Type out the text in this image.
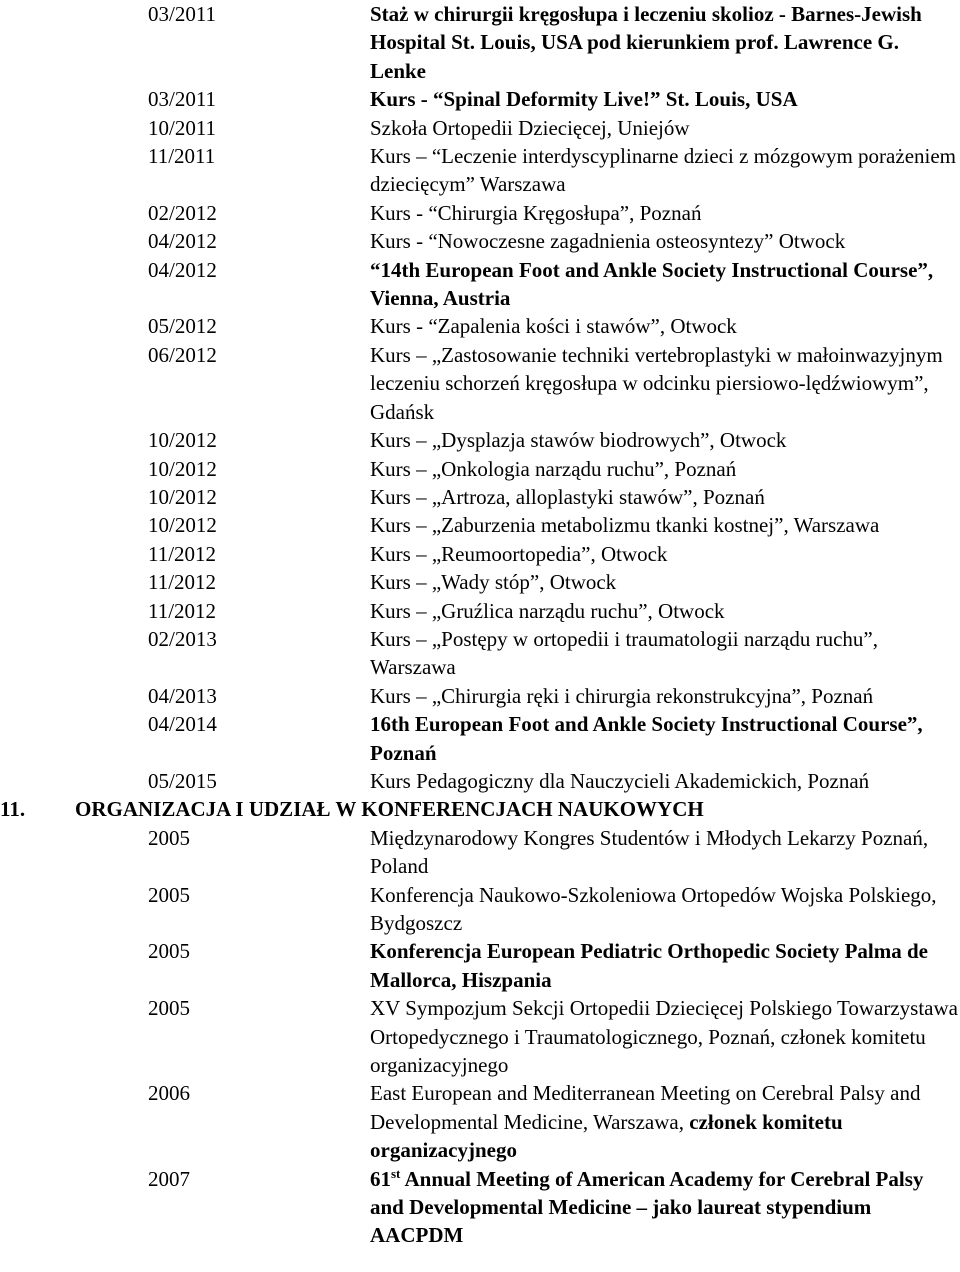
03/2011	Staż w chirurgii kręgosłupa i leczeniu skolioz - Barnes-Jewish Hospital St. Louis, USA pod kierunkiem prof. Lawrence G. Lenke
03/2011	Kurs - “Spinal Deformity Live!” St. Louis, USA
10/2011	Szkoła Ortopedii Dziecięcej, Uniejów
11/2011	Kurs – “Leczenie interdyscyplinarne dzieci z mózgowym porażeniem dziecięcym” Warszawa
02/2012	Kurs - “Chirurgia Kręgosłupa”, Poznań
04/2012	Kurs - “Nowoczesne zagadnienia osteosyntezy” Otwock
04/2012	“14th European Foot and Ankle Society Instructional Course”, Vienna, Austria
05/2012	Kurs - “Zapalenia kości i stawów”, Otwock
06/2012	Kurs – „Zastosowanie techniki vertebroplastyki w małoinwazyjnym leczeniu schorzeń kręgosłupa w odcinku piersiowo-lędźwiowym”, Gdańsk
10/2012	Kurs – „Dysplazja stawów biodrowych”, Otwock
10/2012	Kurs – „Onkologia narządu ruchu”, Poznań
10/2012	Kurs – „Artroza, alloplastyki stawów”, Poznań
10/2012	Kurs – „Zaburzenia metabolizmu tkanki kostnej”, Warszawa
11/2012	Kurs – „Reumoortopedia”, Otwock
11/2012	Kurs – „Wady stóp”, Otwock
11/2012	Kurs – „Gruźlica narządu ruchu”, Otwock
02/2013	Kurs – „Postępy w ortopedii i traumatologii narządu ruchu”, Warszawa
04/2013	Kurs – „Chirurgia ręki i chirurgia rekonstrukcyjna”, Poznań
04/2014	16th European Foot and Ankle Society Instructional Course”, Poznań
05/2015	Kurs Pedagogiczny dla Nauczycieli Akademickich, Poznań
11.	ORGANIZACJA I UDZIAŁ W KONFERENCJACH NAUKOWYCH
2005	Międzynarodowy Kongres Studentów i Młodych Lekarzy Poznań, Poland
2005	Konferencja Naukowo-Szkoleniowa Ortopedów Wojska Polskiego, Bydgoszcz
2005	Konferencja European Pediatric Orthopedic Society Palma de Mallorca, Hiszpania
2005	XV Sympozjum Sekcji Ortopedii Dziecięcej Polskiego Towarzystawa Ortopedycznego i Traumatologicznego, Poznań, członek komitetu organizacyjnego
2006	East European and Mediterranean Meeting on Cerebral Palsy and Developmental Medicine, Warszawa, członek komitetu organizacyjnego
2007	61st Annual Meeting of American Academy for Cerebral Palsy and Developmental Medicine – jako laureat stypendium AACPDM
